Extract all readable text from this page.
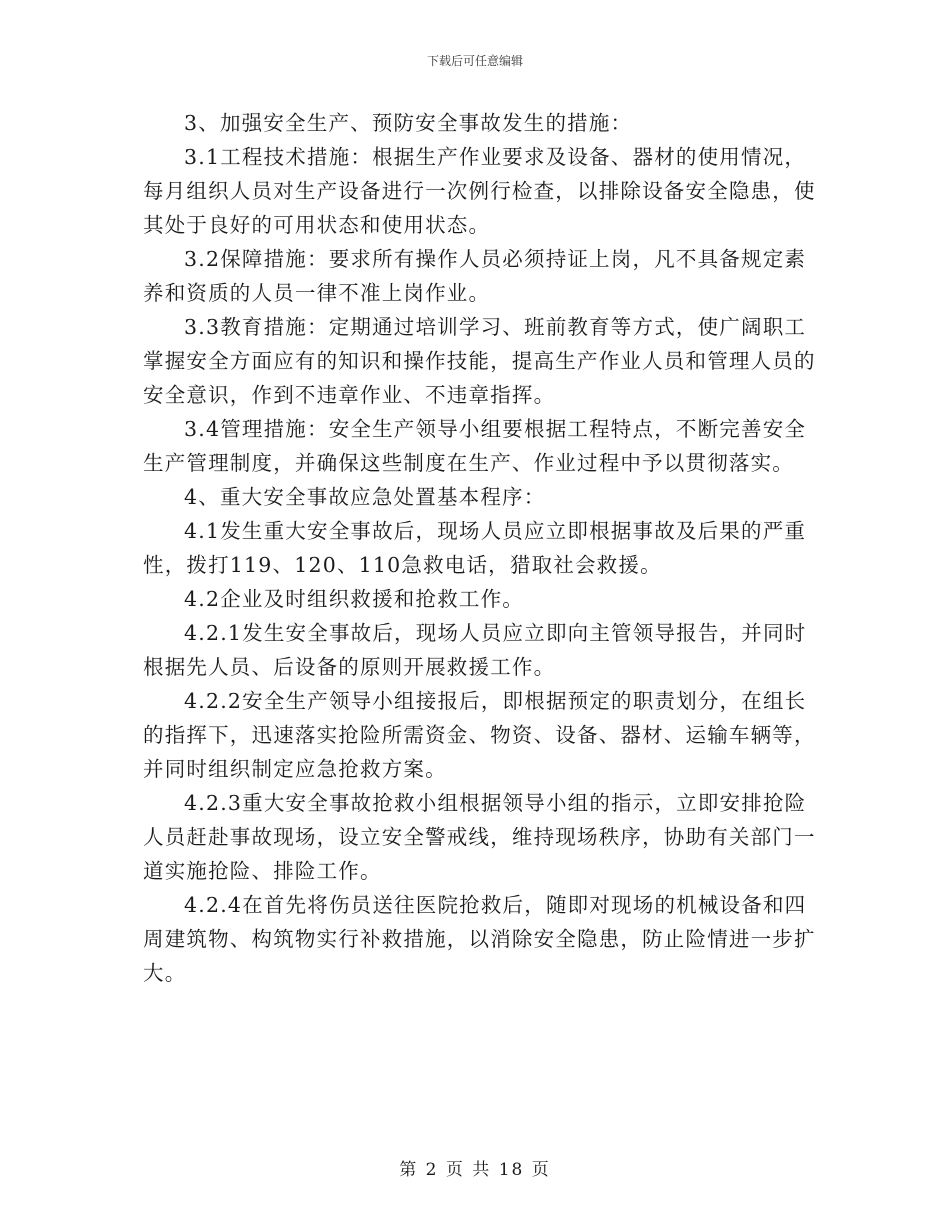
下载后可任意编辑

3、加强安全生产、预防安全事故发生的措施：

3.1工程技术措施：根据生产作业要求及设备、器材的使用情况，每月组织人员对生产设备进行一次例行检查，以排除设备安全隐患，使其处于良好的可用状态和使用状态。

3.2保障措施：要求所有操作人员必须持证上岗，凡不具备规定素养和资质的人员一律不准上岗作业。

3.3教育措施：定期通过培训学习、班前教育等方式，使广阔职工掌握安全方面应有的知识和操作技能，提高生产作业人员和管理人员的安全意识，作到不违章作业、不违章指挥。

3.4管理措施：安全生产领导小组要根据工程特点，不断完善安全生产管理制度，并确保这些制度在生产、作业过程中予以贯彻落实。

4、重大安全事故应急处置基本程序：

4.1发生重大安全事故后，现场人员应立即根据事故及后果的严重性，拨打119、120、110急救电话，猎取社会救援。

4.2企业及时组织救援和抢救工作。

4.2.1发生安全事故后，现场人员应立即向主管领导报告，并同时根据先人员、后设备的原则开展救援工作。

4.2.2安全生产领导小组接报后，即根据预定的职责划分，在组长的指挥下，迅速落实抢险所需资金、物资、设备、器材、运输车辆等，并同时组织制定应急抢救方案。

4.2.3重大安全事故抢救小组根据领导小组的指示，立即安排抢险人员赶赴事故现场，设立安全警戒线，维持现场秩序，协助有关部门一道实施抢险、排险工作。

4.2.4在首先将伤员送往医院抢救后，随即对现场的机械设备和四周建筑物、构筑物实行补救措施，以消除安全隐患，防止险情进一步扩大。

第 2 页 共 18 页
